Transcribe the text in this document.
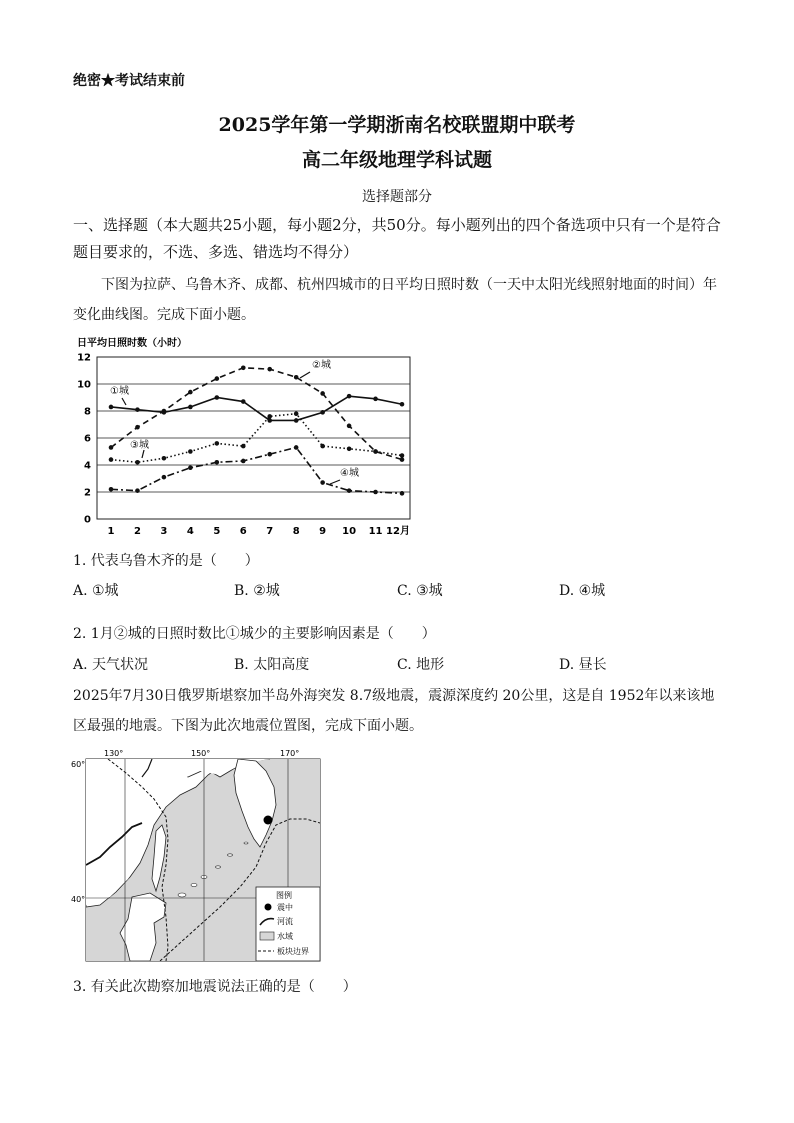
绝密★考试结束前
2025学年第一学期浙南名校联盟期中联考
高二年级地理学科试题
选择题部分
一、选择题（本大题共25小题，每小题2分，共50分。每小题列出的四个备选项中只有一个是符合题目要求的，不选、多选、错选均不得分）
下图为拉萨、乌鲁木齐、成都、杭州四城市的日平均日照时数（一天中太阳光线照射地面的时间）年变化曲线图。完成下面小题。
日平均日照时数（小时）
0
2
4
6
8
10
12
1 2 3 4 5 6 7 8 9 10 11 12月
①城
②城
③城
④城
1. 代表乌鲁木齐的是（　　）
A. ①城	B. ②城	C. ③城	D. ④城
2. 1月②城的日照时数比①城少的主要影响因素是（　　）
A. 天气状况	B. 太阳高度	C. 地形	D. 昼长
2025年7月30日俄罗斯堪察加半岛外海突发 8.7级地震，震源深度约 20公里，这是自 1952年以来该地区最强的地震。下图为此次地震位置图，完成下面小题。
130°	150°	170°
60°
40°	图例
震中
河流
水域
板块边界
3. 有关此次勘察加地震说法正确的是（　　）
